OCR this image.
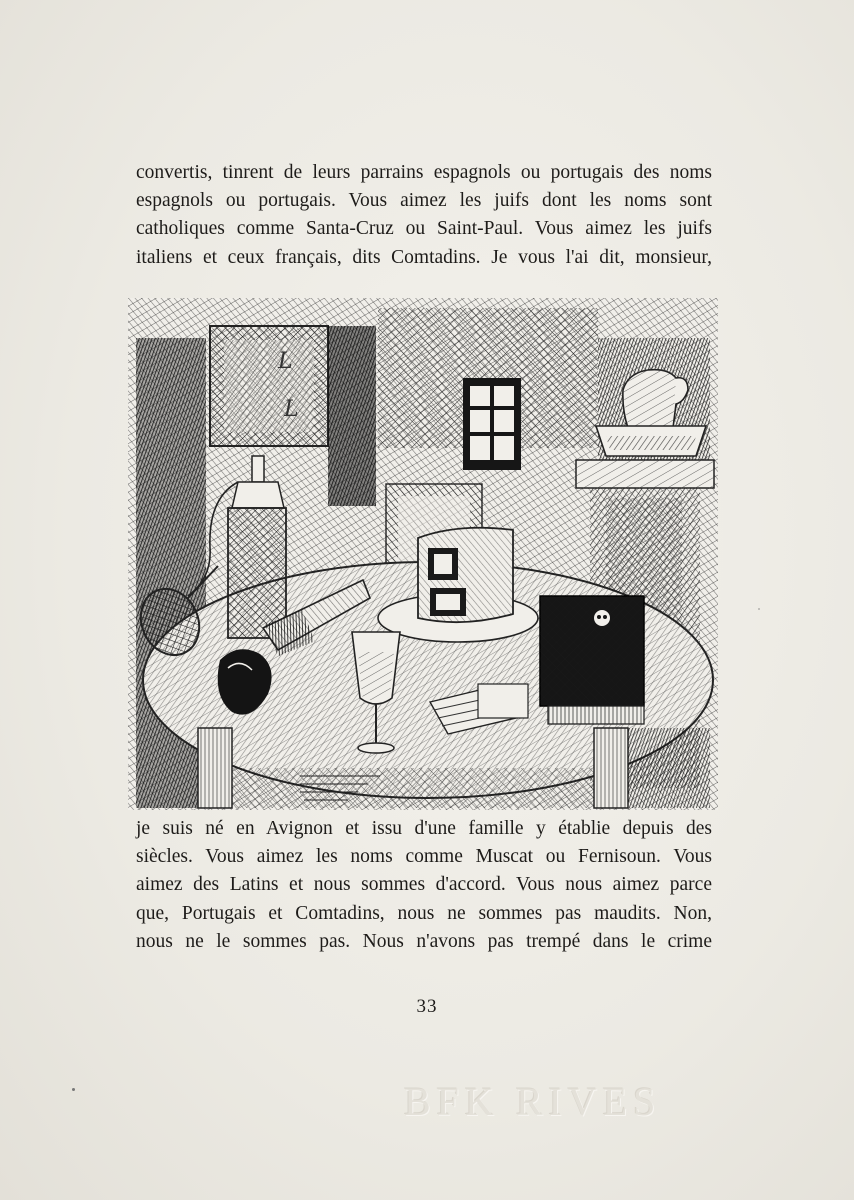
convertis, tinrent de leurs parrains espagnols ou portugais des noms
espagnols ou portugais. Vous aimez les juifs dont les noms sont
catholiques comme Santa-Cruz ou Saint-Paul. Vous aimez les juifs
italiens et ceux français, dits Comtadins. Je vous l'ai dit, monsieur,
L
L
je suis né en Avignon et issu d'une famille y établie depuis des
siècles. Vous aimez les noms comme Muscat ou Fernisoun. Vous
aimez des Latins et nous sommes d'accord. Vous nous aimez parce
que, Portugais et Comtadins, nous ne sommes pas maudits. Non,
nous ne le sommes pas. Nous n'avons pas trempé dans le crime
33
BFK RIVES
